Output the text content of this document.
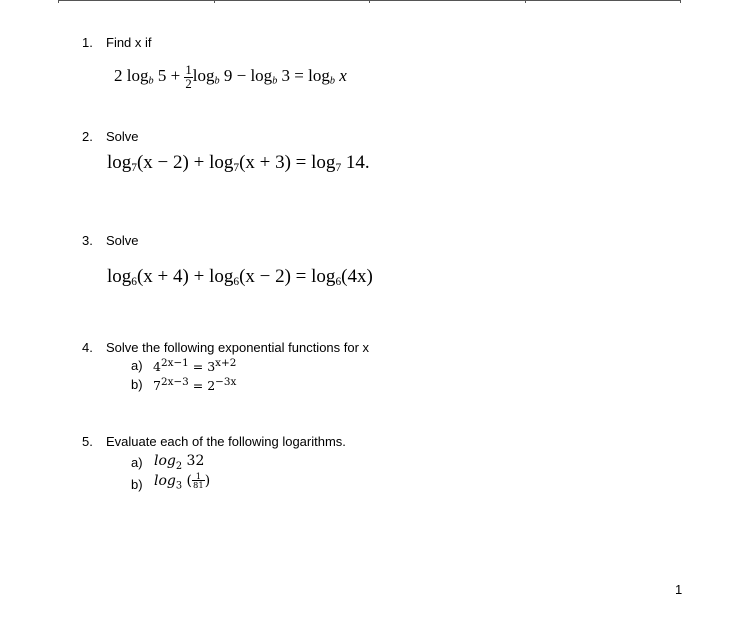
1. Find x if
2 $\log_b 5 + \frac{1}{2} \log_b 9 - \log_b 3 = \log_b x$
2. Solve
$\log_7(x - 2) + \log_7(x + 3) = \log_7 14$.
3. Solve
$\log_6(x + 4) + \log_6(x - 2) = \log_6(4x)$
4. Solve the following exponential functions for x
a) $4^{2x-1} = 3^{x+2}$
b) $7^{2x-3} = 2^{-3x}$
5. Evaluate each of the following logarithms.
a) $\log_2 32$
b) $\log_3$ ( $\frac{1}{81}$ )
1
